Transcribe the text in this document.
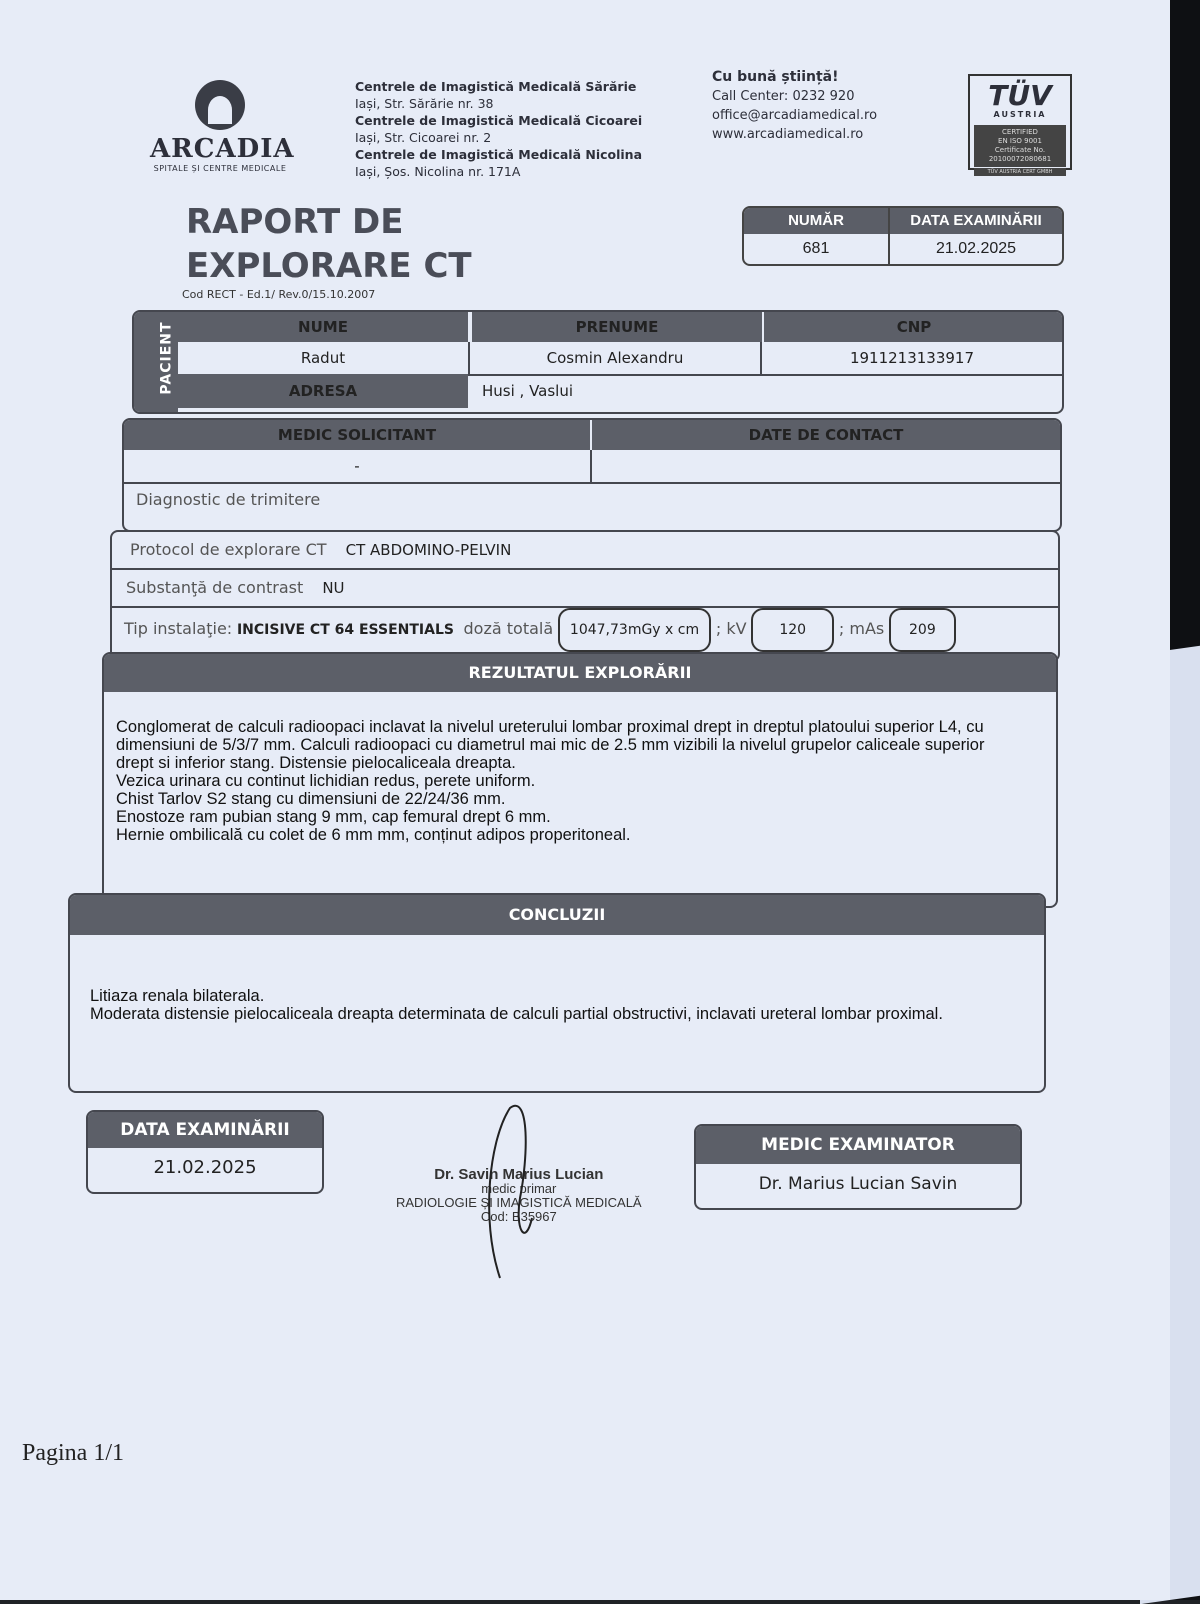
ARCADIA
SPITALE ȘI CENTRE MEDICALE
Centrele de Imagistică Medicală Sărărie
Iași, Str. Sărărie nr. 38
Centrele de Imagistică Medicală Cicoarei
Iași, Str. Cicoarei nr. 2
Centrele de Imagistică Medicală Nicolina
Iași, Șos. Nicolina nr. 171A
Cu bună știință!
Call Center: 0232 920
office@arcadiamedical.ro
www.arcadiamedical.ro
TÜV
AUSTRIA
CERTIFIED
EN ISO 9001
Certificate No. 20100072080681
TÜV AUSTRIA CERT GMBH
RAPORT DE
EXPLORARE CT
Cod RECT - Ed.1/ Rev.0/15.10.2007
NUMĂR	DATA EXAMINĂRII
681	21.02.2025
PACIENT	NUME	PRENUME	CNP
Radut	Cosmin Alexandru	1911213133917
ADRESA	Husi , Vaslui
MEDIC SOLICITANT	DATE DE CONTACT
-
Diagnostic de trimitere
Protocol de explorare CT CT ABDOMINO-PELVIN
Substanţă de contrast NU
Tip instalaţie: INCISIVE CT 64 ESSENTIALS doză totală 1047,73mGy x cm ; kV 120 ; mAs 209
REZULTATUL EXPLORĂRII
Conglomerat de calculi radioopaci inclavat la nivelul ureterului lombar proximal drept in dreptul platoului superior L4, cu
dimensiuni de 5/3/7 mm. Calculi radioopaci cu diametrul mai mic de 2.5 mm vizibili la nivelul grupelor caliceale superior
drept si inferior stang. Distensie pielocaliceala dreapta.
Vezica urinara cu continut lichidian redus, perete uniform.
Chist Tarlov S2 stang cu dimensiuni de 22/24/36 mm.
Enostoze ram pubian stang 9 mm, cap femural drept 6 mm.
Hernie ombilicală cu colet de 6 mm mm, conținut adipos properitoneal.
CONCLUZII
Litiaza renala bilaterala.
Moderata distensie pielocaliceala dreapta determinata de calculi partial obstructivi, inclavati ureteral lombar proximal.
DATA EXAMINĂRII
21.02.2025	Dr. Savin Marius Lucian
medic primar
RADIOLOGIE ȘI IMAGISTICĂ MEDICALĂ
Cod: B35967
MEDIC EXAMINATOR
Dr. Marius Lucian Savin
Pagina 1/1
